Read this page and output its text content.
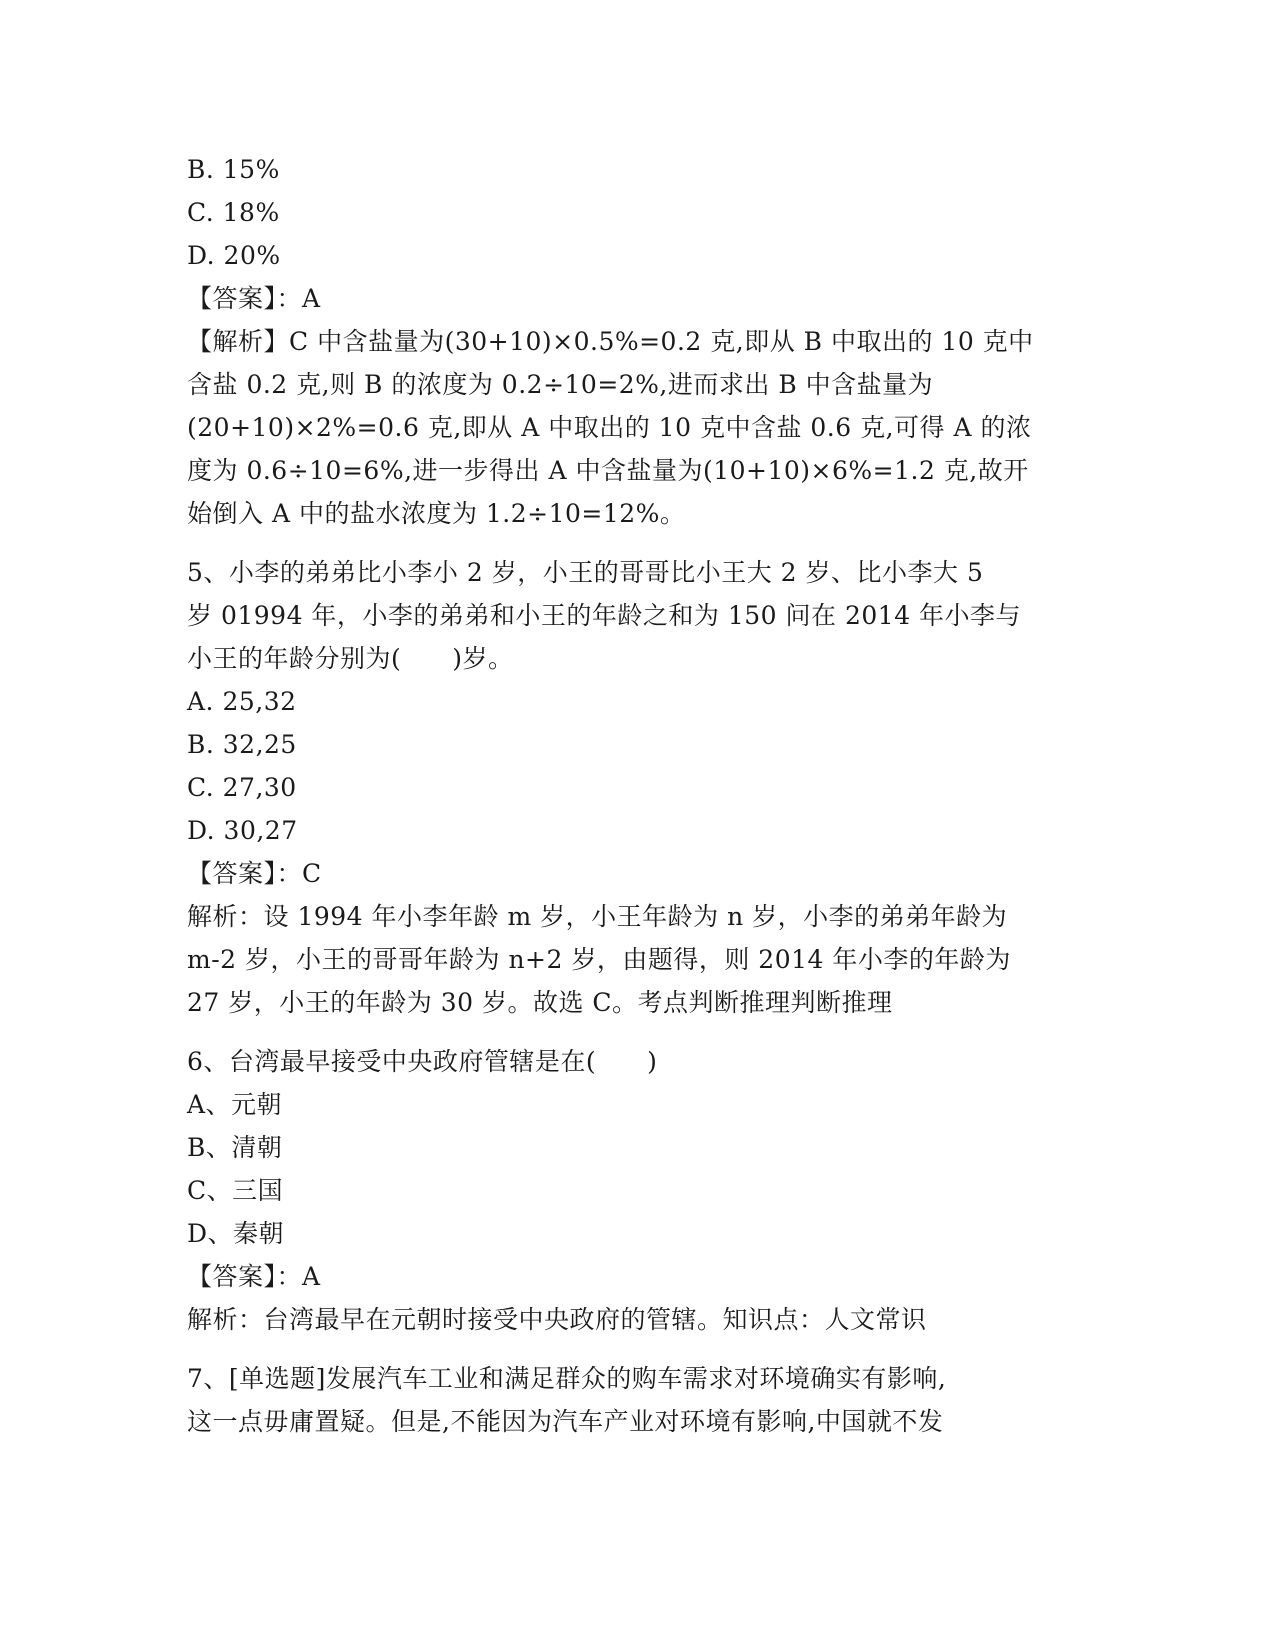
B. 15%
C. 18%
D. 20%
【答案】：A
【解析】C 中含盐量为(30+10)×0.5%=0.2 克,即从 B 中取出的 10 克中
含盐 0.2 克,则 B 的浓度为 0.2÷10=2%,进而求出 B 中含盐量为
(20+10)×2%=0.6 克,即从 A 中取出的 10 克中含盐 0.6 克,可得 A 的浓
度为 0.6÷10=6%,进一步得出 A 中含盐量为(10+10)×6%=1.2 克,故开
始倒入 A 中的盐水浓度为 1.2÷10=12%。
5、小李的弟弟比小李小 2 岁，小王的哥哥比小王大 2 岁、比小李大 5
岁 01994 年，小李的弟弟和小王的年龄之和为 150 问在 2014 年小李与
小王的年龄分别为(　　)岁。
A. 25,32
B. 32,25
C. 27,30
D. 30,27
【答案】：C
解析：设 1994 年小李年龄 m 岁，小王年龄为 n 岁，小李的弟弟年龄为
m-2 岁，小王的哥哥年龄为 n+2 岁，由题得，则 2014 年小李的年龄为
27 岁，小王的年龄为 30 岁。故选 C。考点判断推理判断推理
6、台湾最早接受中央政府管辖是在(　　)
A、元朝
B、清朝
C、三国
D、秦朝
【答案】：A
解析：台湾最早在元朝时接受中央政府的管辖。知识点：人文常识
7、[单选题]发展汽车工业和满足群众的购车需求对环境确实有影响,
这一点毋庸置疑。但是,不能因为汽车产业对环境有影响,中国就不发
